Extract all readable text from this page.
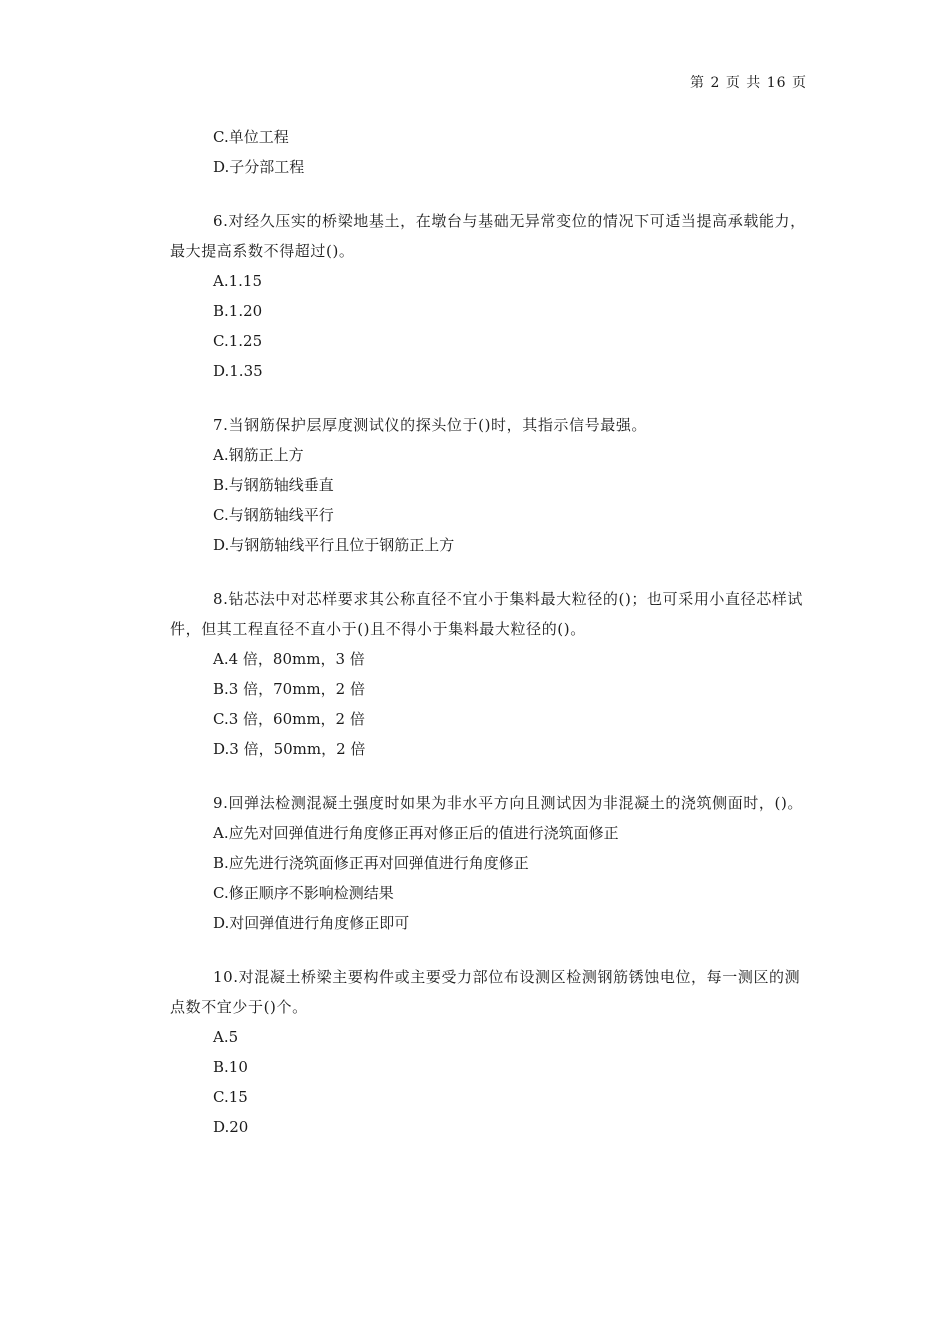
第 2 页 共 16 页
C.单位工程
D.子分部工程
6.对经久压实的桥梁地基土，在墩台与基础无异常变位的情况下可适当提高承载能力，最大提高系数不得超过()。
A.1.15
B.1.20
C.1.25
D.1.35
7.当钢筋保护层厚度测试仪的探头位于()时，其指示信号最强。
A.钢筋正上方
B.与钢筋轴线垂直
C.与钢筋轴线平行
D.与钢筋轴线平行且位于钢筋正上方
8.钻芯法中对芯样要求其公称直径不宜小于集料最大粒径的()；也可采用小直径芯样试件，但其工程直径不直小于()且不得小于集料最大粒径的()。
A.4 倍，80mm，3 倍
B.3 倍，70mm，2 倍
C.3 倍，60mm，2 倍
D.3 倍，50mm，2 倍
9.回弹法检测混凝土强度时如果为非水平方向且测试因为非混凝土的浇筑侧面时，()。
A.应先对回弹值进行角度修正再对修正后的值进行浇筑面修正
B.应先进行浇筑面修正再对回弹值进行角度修正
C.修正顺序不影响检测结果
D.对回弹值进行角度修正即可
10.对混凝土桥梁主要构件或主要受力部位布设测区检测钢筋锈蚀电位，每一测区的测点数不宜少于()个。
A.5
B.10
C.15
D.20
